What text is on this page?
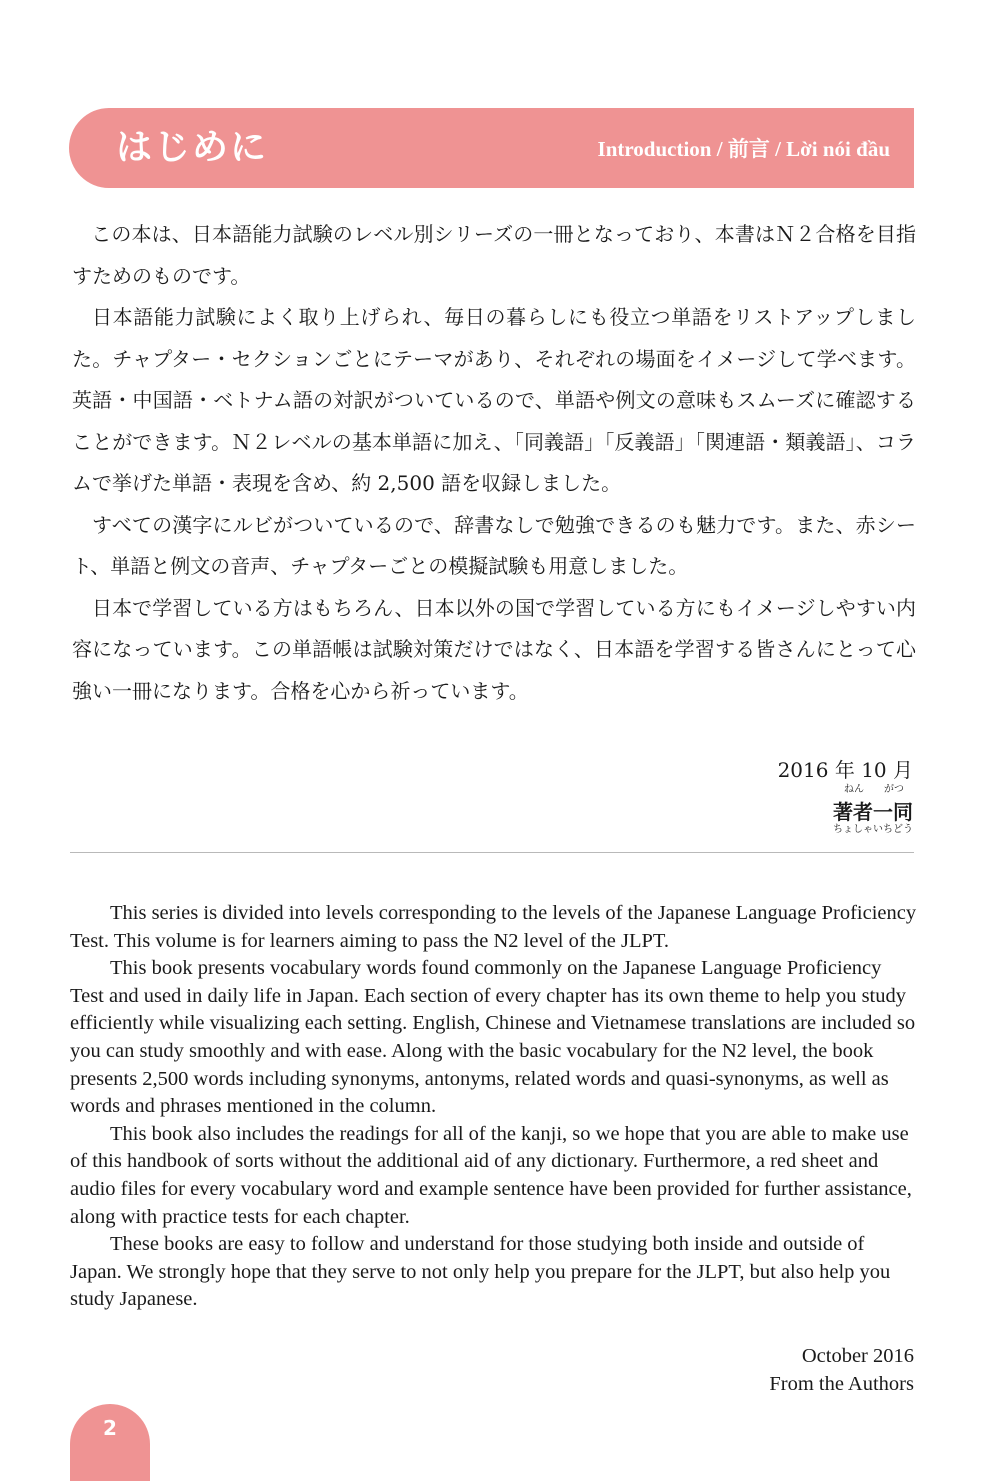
はじめに	Introduction / 前言 / Lời nói đầu

この本は、日本語能力試験のレベル別シリーズの一冊となっており、本書はＮ２合格を目指すためのものです。

日本語能力試験によく取り上げられ、毎日の暮らしにも役立つ単語をリストアップしました。チャプター・セクションごとにテーマがあり、それぞれの場面をイメージして学べます。英語・中国語・ベトナム語の対訳がついているので、単語や例文の意味もスムーズに確認することができます。Ｎ２レベルの基本単語に加え、「同義語」「反義語」「関連語・類義語」、コラムで挙げた単語・表現を含め、約 2,500 語を収録しました。

すべての漢字にルビがついているので、辞書なしで勉強できるのも魅力です。また、赤シート、単語と例文の音声、チャプターごとの模擬試験も用意しました。

日本で学習している方はもちろん、日本以外の国で学習している方にもイメージしやすい内容になっています。この単語帳は試験対策だけではなく、日本語を学習する皆さんにとって心強い一冊になります。合格を心から祈っています。

2016 年 10 月
ねん　　がつ
著者一同
ちょしゃいちどう

This series is divided into levels corresponding to the levels of the Japanese Language Proficiency Test. This volume is for learners aiming to pass the N2 level of the JLPT.

This book presents vocabulary words found commonly on the Japanese Language Proficiency Test and used in daily life in Japan. Each section of every chapter has its own theme to help you study efficiently while visualizing each setting. English, Chinese and Vietnamese translations are included so you can study smoothly and with ease. Along with the basic vocabulary for the N2 level, the book presents 2,500 words including synonyms, antonyms, related words and quasi-synonyms, as well as words and phrases mentioned in the column.

This book also includes the readings for all of the kanji, so we hope that you are able to make use of this handbook of sorts without the additional aid of any dictionary. Furthermore, a red sheet and audio files for every vocabulary word and example sentence have been provided for further assistance, along with practice tests for each chapter.

These books are easy to follow and understand for those studying both inside and outside of Japan. We strongly hope that they serve to not only help you prepare for the JLPT, but also help you study Japanese.

October 2016
From the Authors
2
